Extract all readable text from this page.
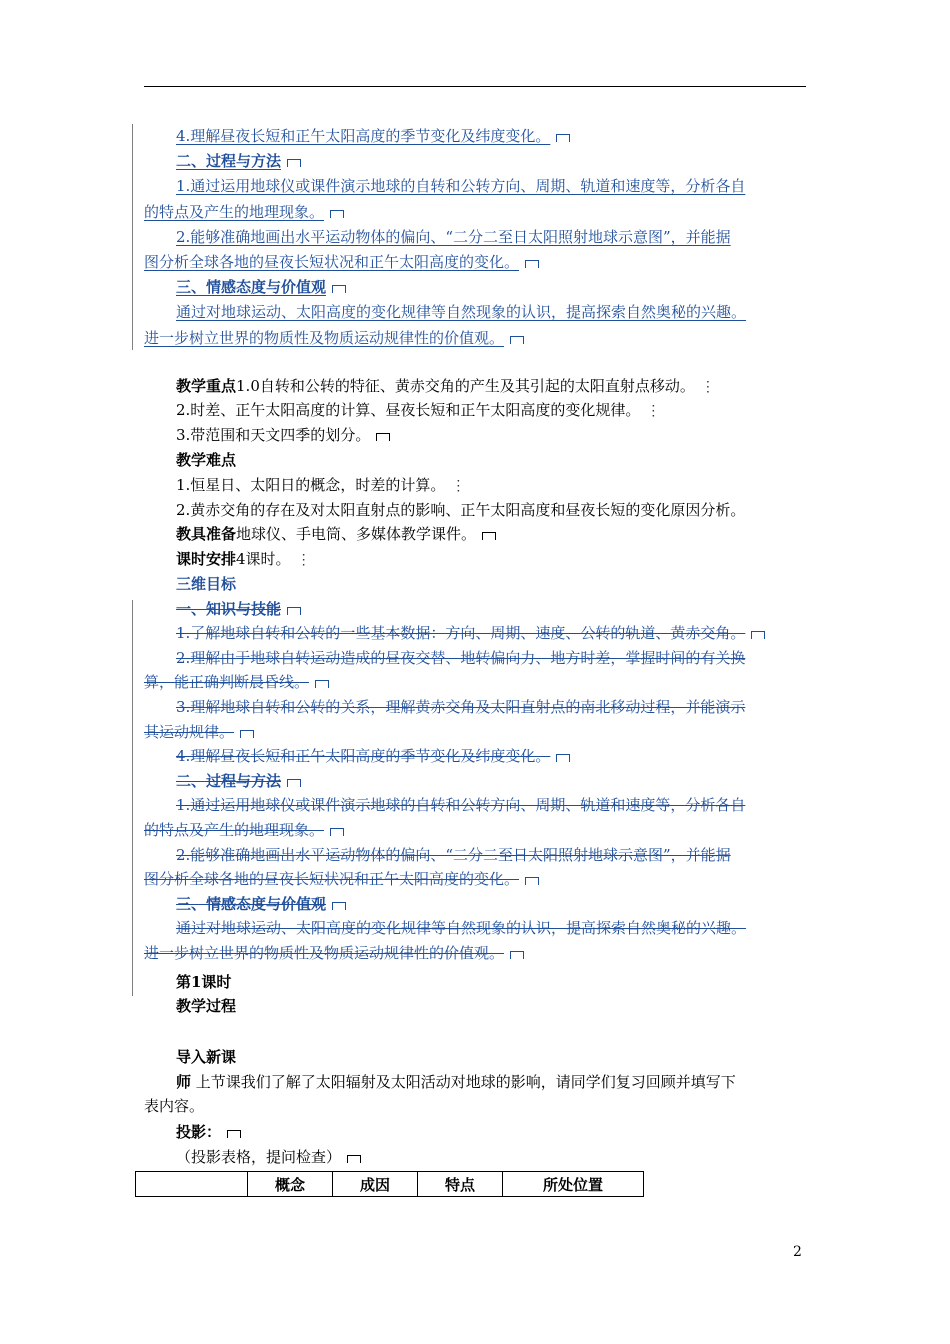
4.理解昼夜长短和正午太阳高度的季节变化及纬度变化。
二、过程与方法
1.通过运用地球仪或课件演示地球的自转和公转方向、周期、轨道和速度等，分析各自
的特点及产生的地理现象。
2.能够准确地画出水平运动物体的偏向、“二分二至日太阳照射地球示意图”，并能据
图分析全球各地的昼夜长短状况和正午太阳高度的变化。
三、情感态度与价值观
通过对地球运动、太阳高度的变化规律等自然现象的认识，提高探索自然奥秘的兴趣。
进一步树立世界的物质性及物质运动规律性的价值观。
教学重点1.0自转和公转的特征、黄赤交角的产生及其引起的太阳直射点移动。 ⋮
2.时差、正午太阳高度的计算、昼夜长短和正午太阳高度的变化规律。 ⋮
3.带范围和天文四季的划分。
教学难点
1.恒星日、太阳日的概念，时差的计算。 ⋮
2.黄赤交角的存在及对太阳直射点的影响、正午太阳高度和昼夜长短的变化原因分析。
教具准备地球仪、手电筒、多媒体教学课件。
课时安排4课时。 ⋮
三维目标
一、知识与技能
1.了解地球自转和公转的一些基本数据：方向、周期、速度、公转的轨道、黄赤交角。
2.理解由于地球自转运动造成的昼夜交替、地转偏向力、地方时差，掌握时间的有关换
算，能正确判断晨昏线。
3.理解地球自转和公转的关系，理解黄赤交角及太阳直射点的南北移动过程，并能演示
其运动规律。
4.理解昼夜长短和正午太阳高度的季节变化及纬度变化。
二、过程与方法
1.通过运用地球仪或课件演示地球的自转和公转方向、周期、轨道和速度等，分析各自
的特点及产生的地理现象。
2.能够准确地画出水平运动物体的偏向、“二分二至日太阳照射地球示意图”，并能据
图分析全球各地的昼夜长短状况和正午太阳高度的变化。
三、情感态度与价值观
通过对地球运动、太阳高度的变化规律等自然现象的认识，提高探索自然奥秘的兴趣。
进一步树立世界的物质性及物质运动规律性的价值观。
第1课时
教学过程
导入新课
师 上节课我们了解了太阳辐射及太阳活动对地球的影响，请同学们复习回顾并填写下
表内容。
投影：
（投影表格，提问检查）
	概念	成因	特点	所处位置
2
